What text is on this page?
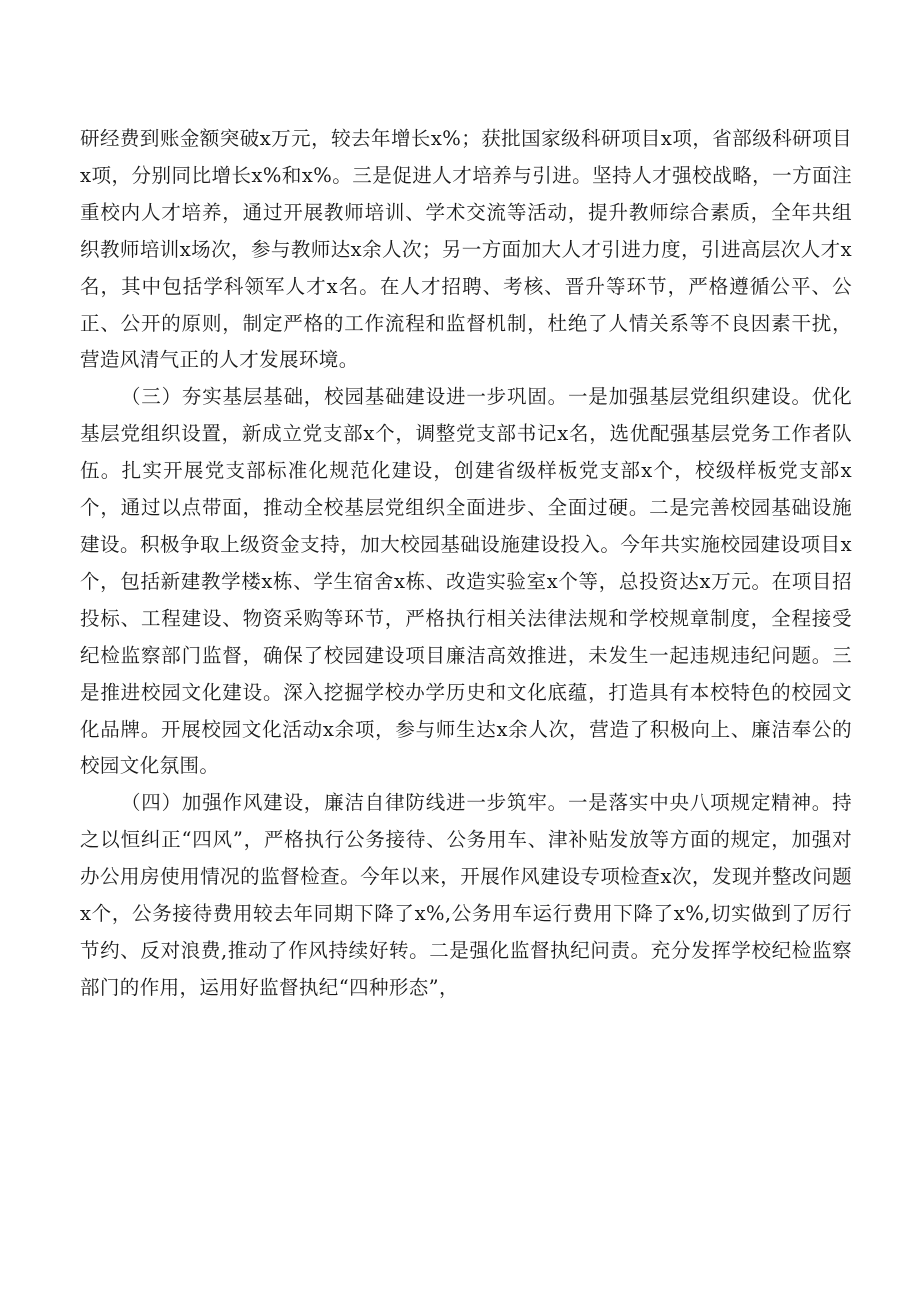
研经费到账金额突破x万元，较去年增长x%；获批国家级科研项目x项，省部级科研项目x项，分别同比增长x%和x%。三是促进人才培养与引进。坚持人才强校战略，一方面注重校内人才培养，通过开展教师培训、学术交流等活动，提升教师综合素质，全年共组织教师培训x场次，参与教师达x余人次；另一方面加大人才引进力度，引进高层次人才x名，其中包括学科领军人才x名。在人才招聘、考核、晋升等环节，严格遵循公平、公正、公开的原则，制定严格的工作流程和监督机制，杜绝了人情关系等不良因素干扰，营造风清气正的人才发展环境。

（三）夯实基层基础，校园基础建设进一步巩固。一是加强基层党组织建设。优化基层党组织设置，新成立党支部x个，调整党支部书记x名，选优配强基层党务工作者队伍。扎实开展党支部标准化规范化建设，创建省级样板党支部x个，校级样板党支部x个，通过以点带面，推动全校基层党组织全面进步、全面过硬。二是完善校园基础设施建设。积极争取上级资金支持，加大校园基础设施建设投入。今年共实施校园建设项目x个，包括新建教学楼x栋、学生宿舍x栋、改造实验室x个等，总投资达x万元。在项目招投标、工程建设、物资采购等环节，严格执行相关法律法规和学校规章制度，全程接受纪检监察部门监督，确保了校园建设项目廉洁高效推进，未发生一起违规违纪问题。三是推进校园文化建设。深入挖掘学校办学历史和文化底蕴，打造具有本校特色的校园文化品牌。开展校园文化活动x余项，参与师生达x余人次，营造了积极向上、廉洁奉公的校园文化氛围。

（四）加强作风建设，廉洁自律防线进一步筑牢。一是落实中央八项规定精神。持之以恒纠正“四风”，严格执行公务接待、公务用车、津补贴发放等方面的规定，加强对办公用房使用情况的监督检查。今年以来，开展作风建设专项检查x次，发现并整改问题x个，公务接待费用较去年同期下降了x%,公务用车运行费用下降了x%,切实做到了厉行节约、反对浪费,推动了作风持续好转。二是强化监督执纪问责。充分发挥学校纪检监察部门的作用，运用好监督执纪“四种形态”，
